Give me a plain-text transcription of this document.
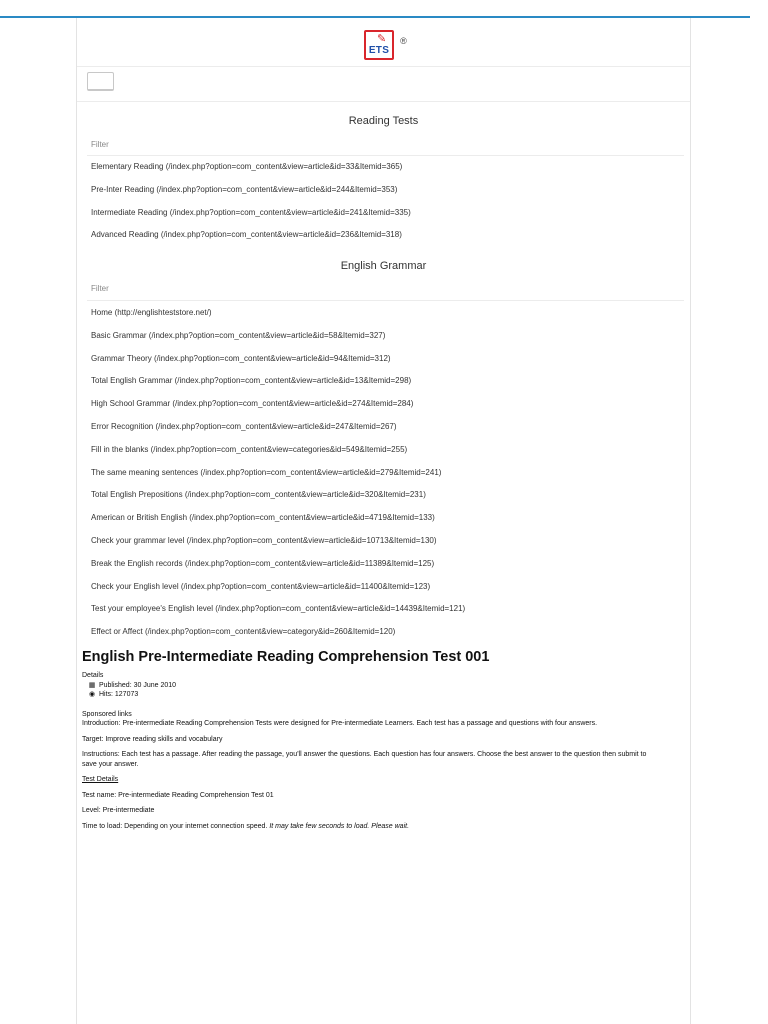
✎
ETS
®
Reading Tests
Filter
Elementary Reading (/index.php?option=com_content&view=article&id=33&Itemid=365)
Pre-Inter Reading (/index.php?option=com_content&view=article&id=244&Itemid=353)
Intermediate Reading (/index.php?option=com_content&view=article&id=241&Itemid=335)
Advanced Reading (/index.php?option=com_content&view=article&id=236&Itemid=318)
English Grammar
Filter
Home (http://englishteststore.net/)
Basic Grammar (/index.php?option=com_content&view=article&id=58&Itemid=327)
Grammar Theory (/index.php?option=com_content&view=article&id=94&Itemid=312)
Total English Grammar (/index.php?option=com_content&view=article&id=13&Itemid=298)
High School Grammar (/index.php?option=com_content&view=article&id=274&Itemid=284)
Error Recognition (/index.php?option=com_content&view=article&id=247&Itemid=267)
Fill in the blanks (/index.php?option=com_content&view=categories&id=549&Itemid=255)
The same meaning sentences (/index.php?option=com_content&view=article&id=279&Itemid=241)
Total English Prepositions (/index.php?option=com_content&view=article&id=320&Itemid=231)
American or British English (/index.php?option=com_content&view=article&id=4719&Itemid=133)
Check your grammar level (/index.php?option=com_content&view=article&id=10713&Itemid=130)
Break the English records (/index.php?option=com_content&view=article&id=11389&Itemid=125)
Check your English level (/index.php?option=com_content&view=article&id=11400&Itemid=123)
Test your employee's English level (/index.php?option=com_content&view=article&id=14439&Itemid=121)
Effect or Affect (/index.php?option=com_content&view=category&id=260&Itemid=120)
English Pre-Intermediate Reading Comprehension Test 001
Details
▦ Published: 30 June 2010
◉ Hits: 127073

Sponsored links
Introduction: Pre-intermediate Reading Comprehension Tests were designed for Pre-intermediate Learners. Each test has a passage and questions with four answers.

Target: Improve reading skills and vocabulary

Instructions: Each test has a passage. After reading the passage, you'll answer the questions. Each question has four answers. Choose the best answer to the question then submit to save your answer.

Test Details

Test name: Pre-intermediate Reading Comprehension Test 01

Level: Pre-intermediate

Time to load: Depending on your internet connection speed. It may take few seconds to load. Please wait.
